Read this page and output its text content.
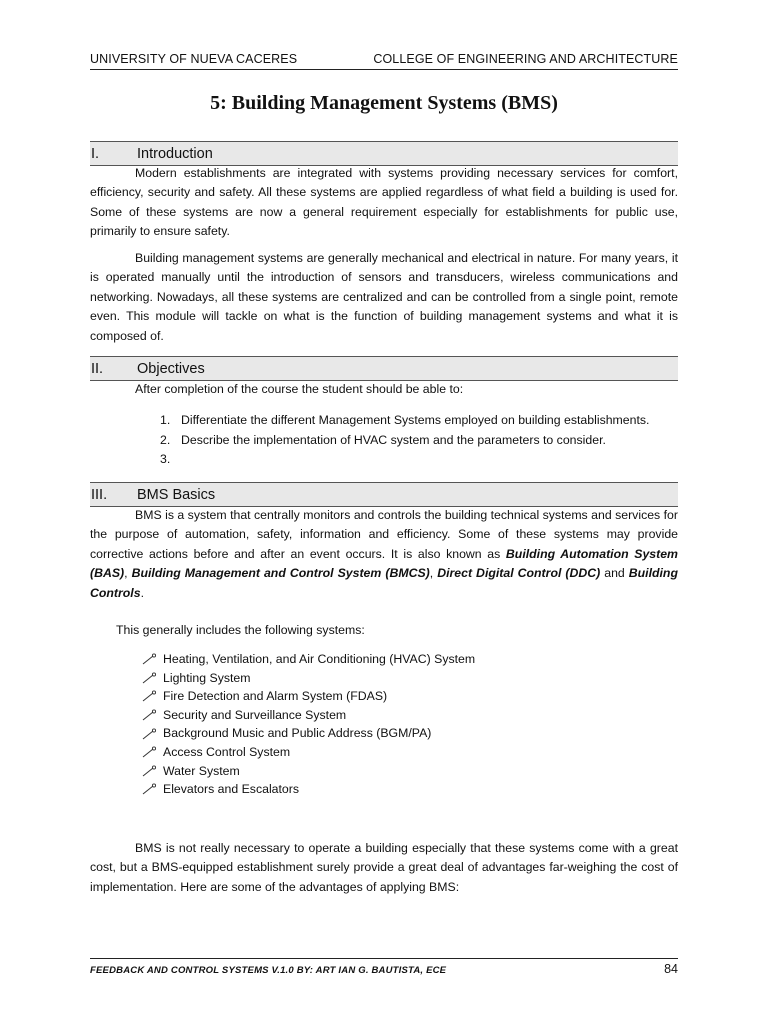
UNIVERSITY OF NUEVA CACERES	COLLEGE OF ENGINEERING AND ARCHITECTURE
5: Building Management Systems (BMS)
I.	Introduction

Modern establishments are integrated with systems providing necessary services for comfort, efficiency, security and safety. All these systems are applied regardless of what field a building is used for. Some of these systems are now a general requirement especially for establishments for public use, primarily to ensure safety.

Building management systems are generally mechanical and electrical in nature. For many years, it is operated manually until the introduction of sensors and transducers, wireless communications and networking. Nowadays, all these systems are centralized and can be controlled from a single point, remote even. This module will tackle on what is the function of building management systems and what it is composed of.

II.	Objectives

After completion of the course the student should be able to:

1. Differentiate the different Management Systems employed on building establishments.
2. Describe the implementation of HVAC system and the parameters to consider.
3.
III.	BMS Basics

BMS is a system that centrally monitors and controls the building technical systems and services for the purpose of automation, safety, information and efficiency. Some of these systems may provide corrective actions before and after an event occurs. It is also known as Building Automation System (BAS), Building Management and Control System (BMCS), Direct Digital Control (DDC) and Building Controls.

This generally includes the following systems:

Heating, Ventilation, and Air Conditioning (HVAC) System
Lighting System
Fire Detection and Alarm System (FDAS)
Security and Surveillance System
Background Music and Public Address (BGM/PA)
Access Control System
Water System
Elevators and Escalators

BMS is not really necessary to operate a building especially that these systems come with a great cost, but a BMS-equipped establishment surely provide a great deal of advantages far-weighing the cost of implementation. Here are some of the advantages of applying BMS:

FEEDBACK AND CONTROL SYSTEMS V.1.0 BY: ART IAN G. BAUTISTA, ECE	84
